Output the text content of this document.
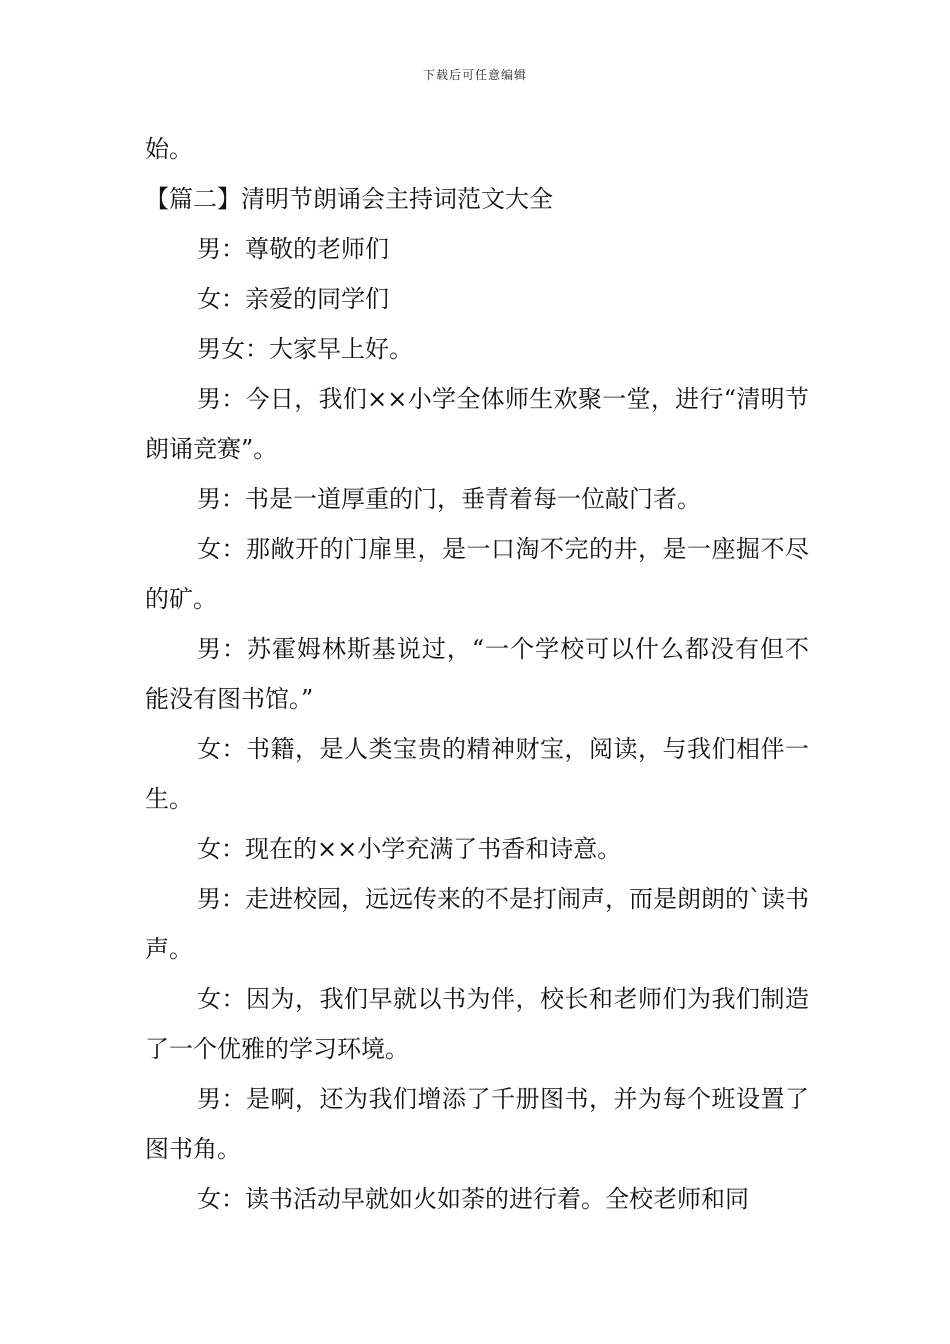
下载后可任意编辑

始。

【篇二】清明节朗诵会主持词范文大全

男：尊敬的老师们

女：亲爱的同学们

男女：大家早上好。

男：今日，我们××小学全体师生欢聚一堂，进行“清明节朗诵竞赛”。

男：书是一道厚重的门，垂青着每一位敲门者。

女：那敞开的门扉里，是一口淘不完的井，是一座掘不尽的矿。

男：苏霍姆林斯基说过，“一个学校可以什么都没有但不能没有图书馆。”

女：书籍，是人类宝贵的精神财宝，阅读，与我们相伴一生。

女：现在的××小学充满了书香和诗意。

男：走进校园，远远传来的不是打闹声，而是朗朗的`读书声。

女：因为，我们早就以书为伴，校长和老师们为我们制造了一个优雅的学习环境。

男：是啊，还为我们增添了千册图书，并为每个班设置了图书角。

女：读书活动早就如火如荼的进行着。全校老师和同
